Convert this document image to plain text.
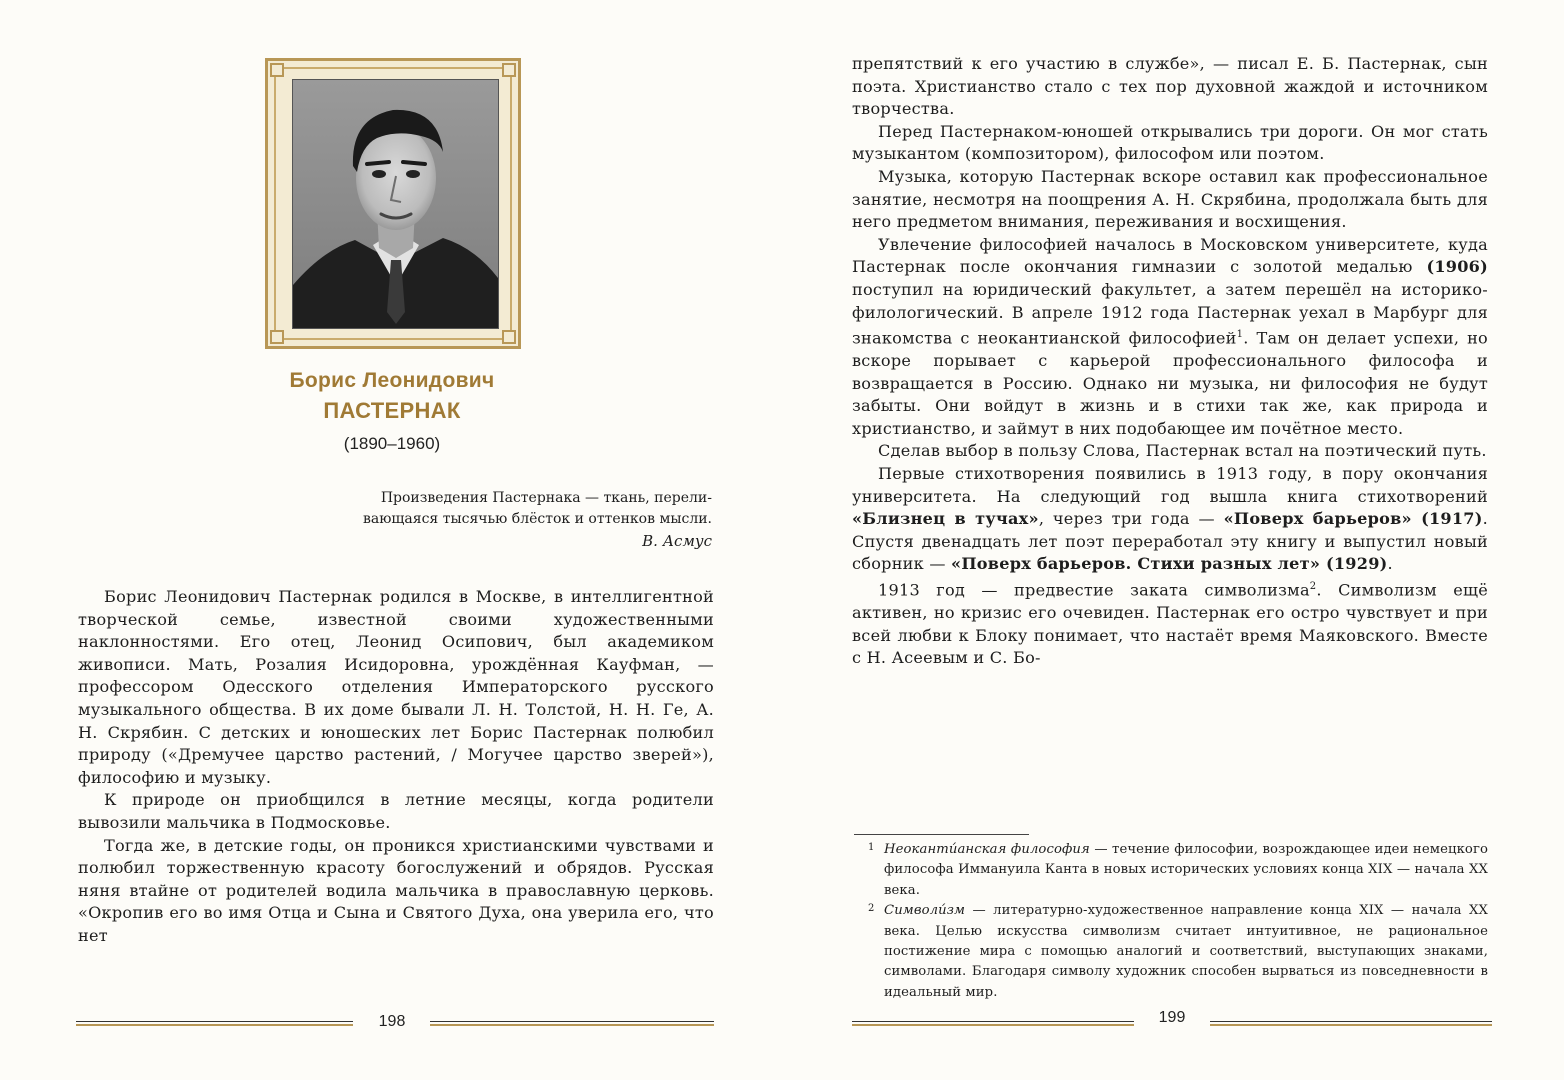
Борис Леонидович
ПАСТЕРНАК
(1890–1960)
Произведения Пастернака — ткань, перели-
вающаяся тысячью блёсток и оттенков мысли.
В. Асмус

Борис Леонидович Пастернак родился в Москве, в интеллигентной творческой семье, известной своими художественными наклонностями. Его отец, Леонид Осипович, был академиком живописи. Мать, Розалия Исидоровна, урождённая Кауфман, — профессором Одесского отделения Императорского русского музыкального общества. В их доме бывали Л. Н. Толстой, Н. Н. Ге, А. Н. Скрябин. С детских и юношеских лет Борис Пастернак полюбил природу («Дремучее царство растений, / Могучее царство зверей»), философию и музыку.

К природе он приобщился в летние месяцы, когда родители вывозили мальчика в Подмосковье.

Тогда же, в детские годы, он проникся христианскими чувствами и полюбил торжественную красоту богослужений и обрядов. Русская няня втайне от родителей водила мальчика в православную церковь. «Окропив его во имя Отца и Сына и Святого Духа, она уверила его, что нет

198

препятствий к его участию в службе», — писал Е. Б. Пастернак, сын поэта. Христианство стало с тех пор духовной жаждой и источником творчества.

Перед Пастернаком-юношей открывались три дороги. Он мог стать музыкантом (композитором), философом или поэтом.

Музыка, которую Пастернак вскоре оставил как профессиональное занятие, несмотря на поощрения А. Н. Скрябина, продолжала быть для него предметом внимания, переживания и восхищения.

Увлечение философией началось в Московском университете, куда Пастернак после окончания гимназии с золотой медалью (1906) поступил на юридический факультет, а затем перешёл на историко-филологический. В апреле 1912 года Пастернак уехал в Марбург для знакомства с неокантианской философией$^1$. Там он делает успехи, но вскоре порывает с карьерой профессионального философа и возвращается в Россию. Однако ни музыка, ни философия не будут забыты. Они войдут в жизнь и в стихи так же, как природа и христианство, и займут в них подобающее им почётное место.

Сделав выбор в пользу Слова, Пастернак встал на поэтический путь.

Первые стихотворения появились в 1913 году, в пору окончания университета. На следующий год вышла книга стихотворений «Близнец в тучах», через три года — «Поверх барьеров» (1917). Спустя двенадцать лет поэт переработал эту книгу и выпустил новый сборник — «Поверх барьеров. Стихи разных лет» (1929).

1913 год — предвестие заката символизма$^2$. Символизм ещё активен, но кризис его очевиден. Пастернак его остро чувствует и при всей любви к Блоку понимает, что настаёт время Маяковского. Вместе с Н. Асеевым и С. Бо-

1 Неоканти́анская философия — течение философии, возрождающее идеи немецкого философа Иммануила Канта в новых исторических условиях конца XIX — начала XX века.
2 Символи́зм — литературно-художественное направление конца XIX — начала XX века. Целью искусства символизм считает интуитивное, не рациональное постижение мира с помощью аналогий и соответствий, выступающих знаками, символами. Благодаря символу художник способен вырваться из повседневности в идеальный мир.
199
